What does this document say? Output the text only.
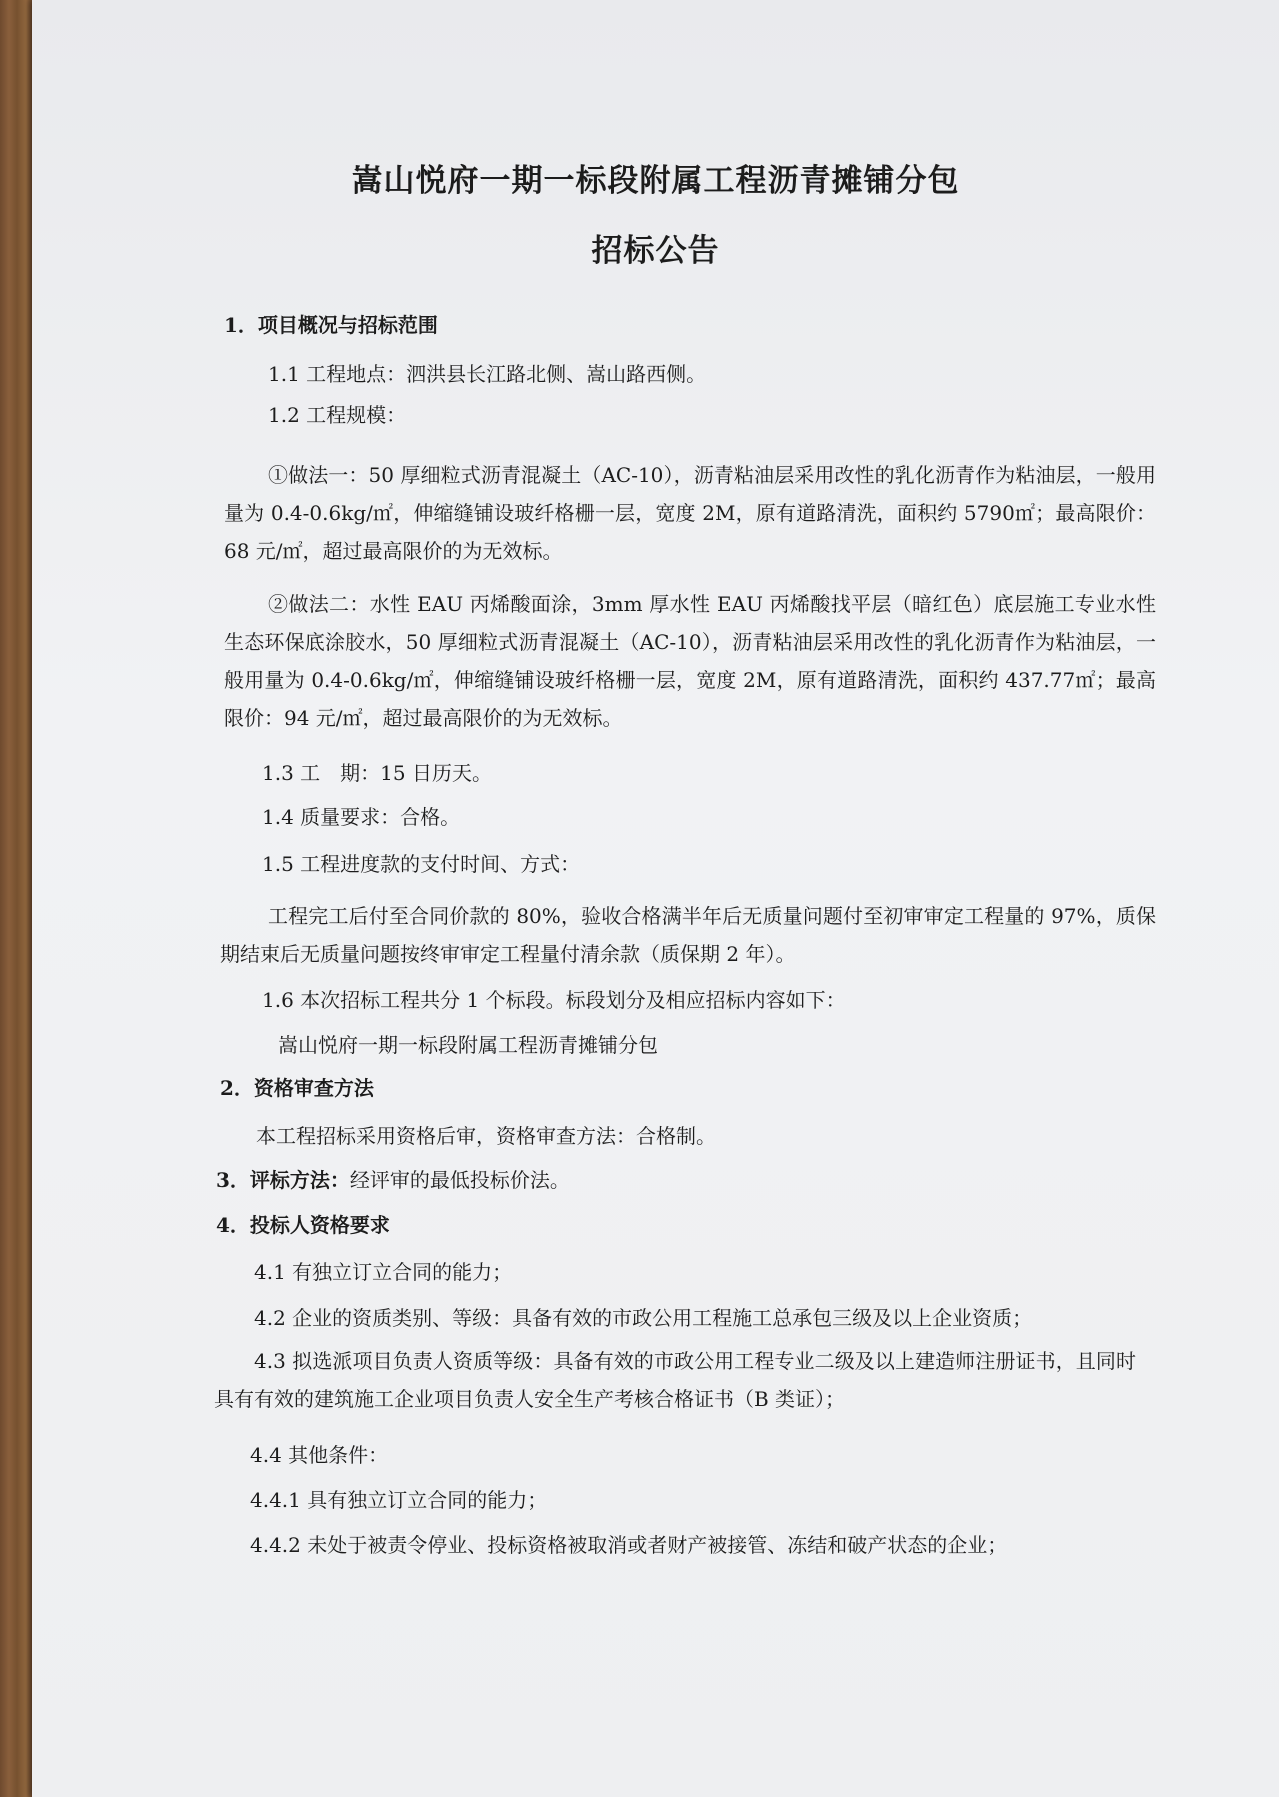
嵩山悦府一期一标段附属工程沥青摊铺分包
招标公告
1．项目概况与招标范围
1.1 工程地点：泗洪县长江路北侧、嵩山路西侧。
1.2 工程规模：
①做法一：50 厚细粒式沥青混凝土（AC-10），沥青粘油层采用改性的乳化沥青作为粘油层，一般用量为 0.4-0.6kg/㎡，伸缩缝铺设玻纤格栅一层，宽度 2M，原有道路清洗，面积约 5790㎡；最高限价：68 元/㎡，超过最高限价的为无效标。
②做法二：水性 EAU 丙烯酸面涂，3mm 厚水性 EAU 丙烯酸找平层（暗红色）底层施工专业水性生态环保底涂胶水，50 厚细粒式沥青混凝土（AC-10），沥青粘油层采用改性的乳化沥青作为粘油层，一般用量为 0.4-0.6kg/㎡，伸缩缝铺设玻纤格栅一层，宽度 2M，原有道路清洗，面积约 437.77㎡；最高限价：94 元/㎡，超过最高限价的为无效标。
1.3 工　期：15 日历天。
1.4 质量要求：合格。
1.5 工程进度款的支付时间、方式：
工程完工后付至合同价款的 80%，验收合格满半年后无质量问题付至初审审定工程量的 97%，质保期结束后无质量问题按终审审定工程量付清余款（质保期 2 年）。
1.6 本次招标工程共分 1 个标段。标段划分及相应招标内容如下：
嵩山悦府一期一标段附属工程沥青摊铺分包
2．资格审查方法
本工程招标采用资格后审，资格审查方法：合格制。
3．评标方法：经评审的最低投标价法。
4．投标人资格要求
4.1 有独立订立合同的能力；
4.2 企业的资质类别、等级：具备有效的市政公用工程施工总承包三级及以上企业资质；
4.3 拟选派项目负责人资质等级：具备有效的市政公用工程专业二级及以上建造师注册证书，且同时具有有效的建筑施工企业项目负责人安全生产考核合格证书（B 类证）；
4.4 其他条件：
4.4.1 具有独立订立合同的能力；
4.4.2 未处于被责令停业、投标资格被取消或者财产被接管、冻结和破产状态的企业；
